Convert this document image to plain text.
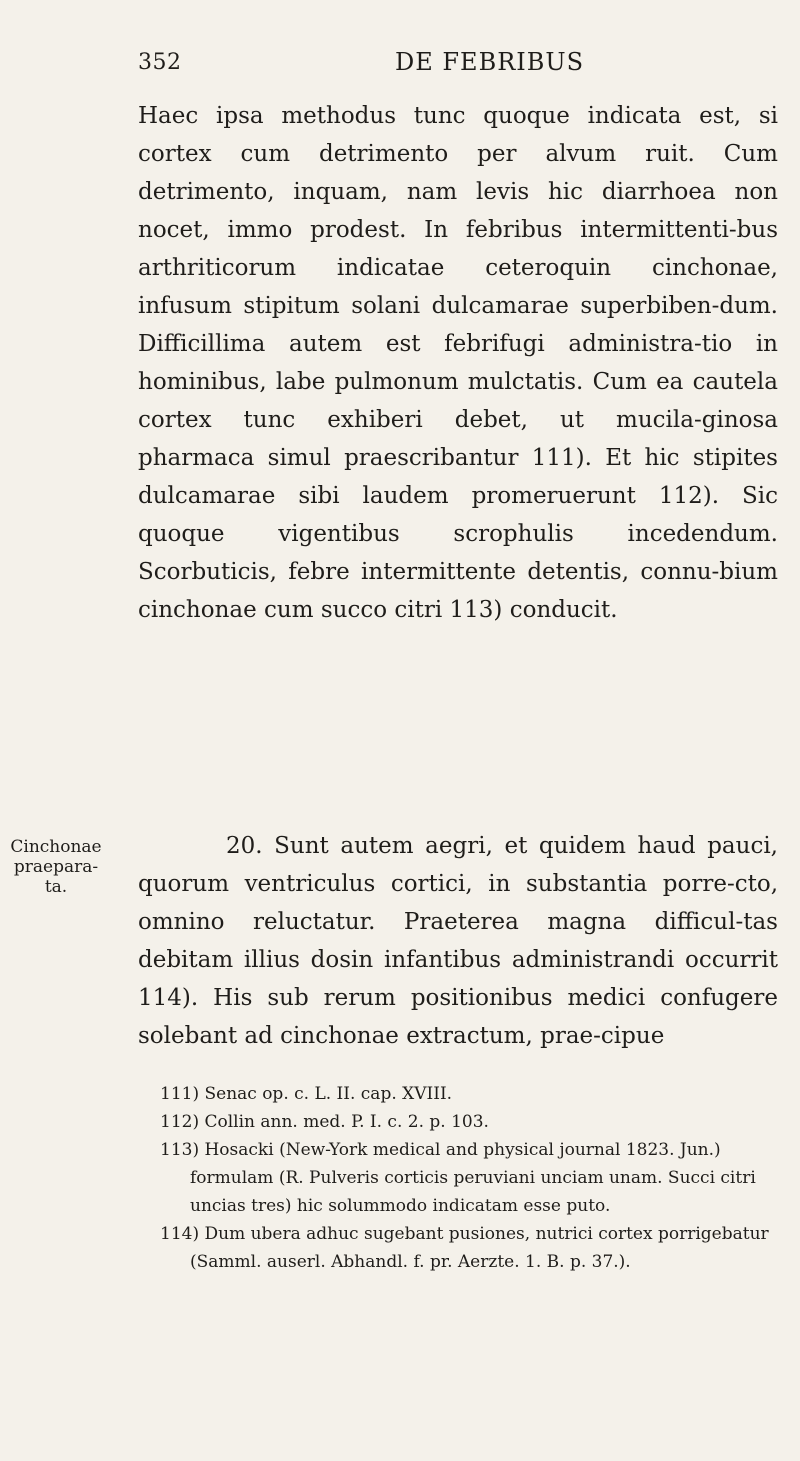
352	DE FEBRIBUS
Haec ipsa methodus tunc quoque indicata est, si cortex cum detrimento per alvum ruit. Cum detrimento, inquam, nam levis hic diarrhoea non nocet, immo prodest. In febribus intermittenti-bus arthriticorum indicatae ceteroquin cinchonae, infusum stipitum solani dulcamarae superbiben-dum. Difficillima autem est febrifugi administra-tio in hominibus, labe pulmonum mulctatis. Cum ea cautela cortex tunc exhiberi debet, ut mucila-ginosa pharmaca simul praescribantur 111). Et hic stipites dulcamarae sibi laudem promeruerunt 112). Sic quoque vigentibus scrophulis incedendum. Scorbuticis, febre intermittente detentis, connu-bium cinchonae cum succo citri 113) conducit.
Cinchonae praepara-ta.
20. Sunt autem aegri, et quidem haud pauci, quorum ventriculus cortici, in substantia porre-cto, omnino reluctatur. Praeterea magna difficul-tas debitam illius dosin infantibus administrandi occurrit 114). His sub rerum positionibus medici confugere solebant ad cinchonae extractum, prae-cipue

111) Senac op. c. L. II. cap. XVIII.

112) Collin ann. med. P. I. c. 2. p. 103.

113) Hosacki (New-York medical and physical journal 1823. Jun.) formulam (R. Pulveris corticis peruviani unciam unam. Succi citri uncias tres) hic solummodo indicatam esse puto.

114) Dum ubera adhuc sugebant pusiones, nutrici cortex porrigebatur (Samml. auserl. Abhandl. f. pr. Aerzte. 1. B. p. 37.).
